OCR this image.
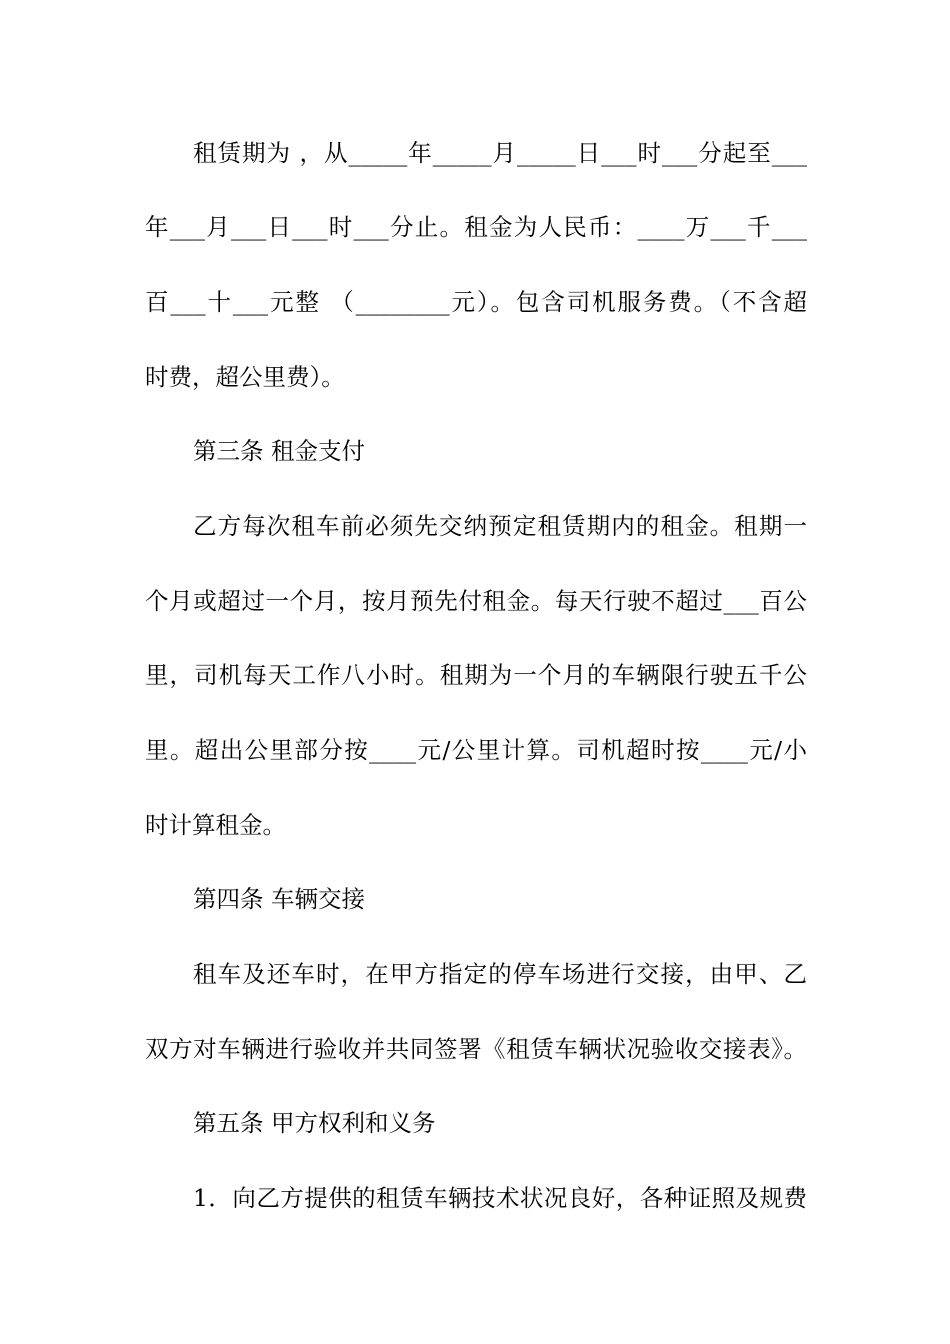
租赁期为 ，从_____年_____月_____日___时___分起至___
年___月___日___时___分止。租金为人民币：____万___千___
百___十___元整 （________元）。包含司机服务费。（不含超
时费，超公里费）。
第三条 租金支付
乙方每次租车前必须先交纳预定租赁期内的租金。租期一
个月或超过一个月，按月预先付租金。每天行驶不超过___百公
里，司机每天工作八小时。租期为一个月的车辆限行驶五千公
里。超出公里部分按____元/公里计算。司机超时按____元/小
时计算租金。
第四条 车辆交接
租车及还车时，在甲方指定的停车场进行交接，由甲、乙
双方对车辆进行验收并共同签署《租赁车辆状况验收交接表》。
第五条 甲方权利和义务
1．向乙方提供的租赁车辆技术状况良好，各种证照及规费
